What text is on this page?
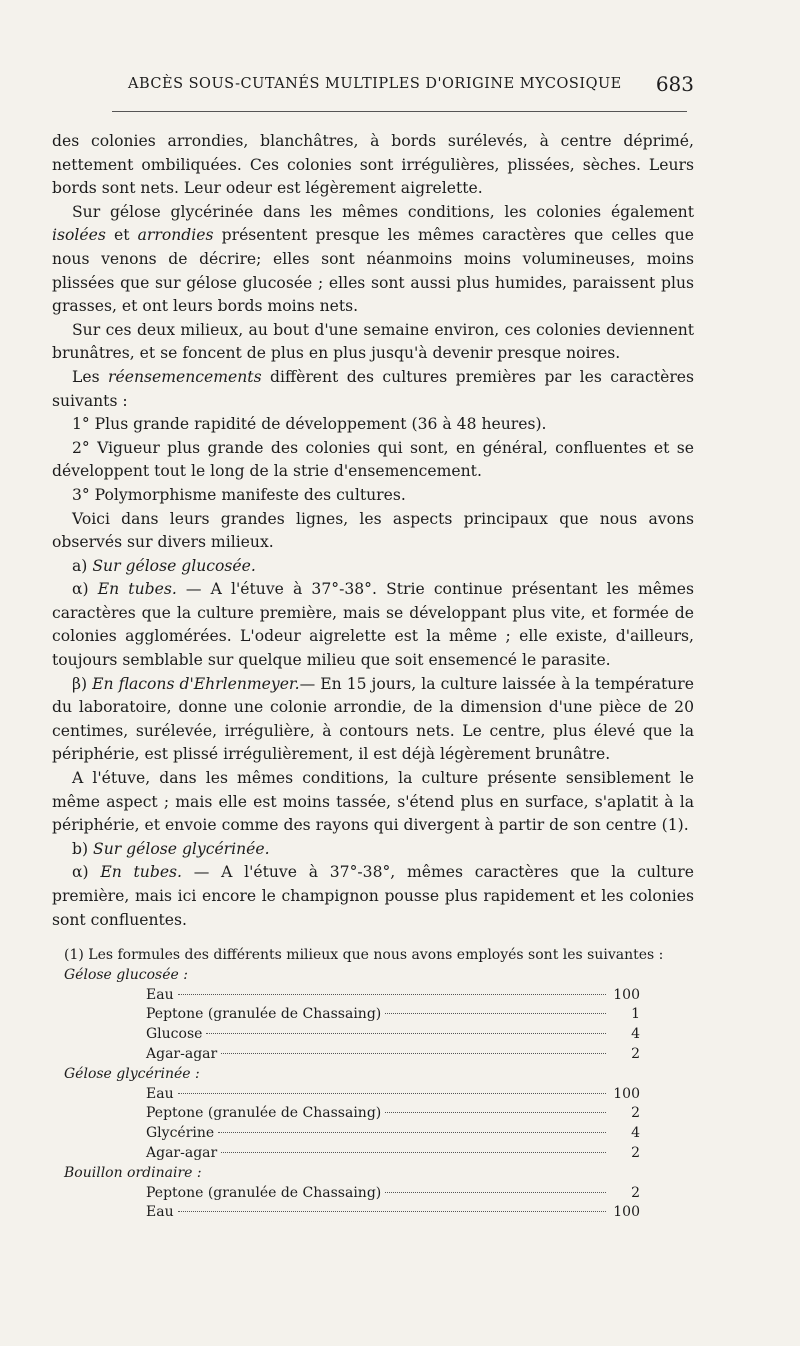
ABCÈS SOUS-CUTANÉS MULTIPLES D'ORIGINE MYCOSIQUE 683

des colonies arrondies, blanchâtres, à bords surélevés, à centre déprimé, nettement ombiliquées. Ces colonies sont irrégulières, plissées, sèches. Leurs bords sont nets. Leur odeur est légèrement aigrelette.

Sur gélose glycérinée dans les mêmes conditions, les colonies également isolées et arrondies présentent presque les mêmes caractères que celles que nous venons de décrire; elles sont néanmoins moins volumineuses, moins plissées que sur gélose glucosée ; elles sont aussi plus humides, paraissent plus grasses, et ont leurs bords moins nets.

Sur ces deux milieux, au bout d'une semaine environ, ces colonies deviennent brunâtres, et se foncent de plus en plus jusqu'à devenir presque noires.

Les réensemencements diffèrent des cultures premières par les caractères suivants :

1° Plus grande rapidité de développement (36 à 48 heures).

2° Vigueur plus grande des colonies qui sont, en général, confluentes et se développent tout le long de la strie d'ensemencement.

3° Polymorphisme manifeste des cultures.

Voici dans leurs grandes lignes, les aspects principaux que nous avons observés sur divers milieux.

a) Sur gélose glucosée.

α) En tubes. — A l'étuve à 37°-38°. Strie continue présentant les mêmes caractères que la culture première, mais se développant plus vite, et formée de colonies agglomérées. L'odeur aigrelette est la même ; elle existe, d'ailleurs, toujours semblable sur quelque milieu que soit ensemencé le parasite.

β) En flacons d'Ehrlenmeyer.— En 15 jours, la culture laissée à la température du laboratoire, donne une colonie arrondie, de la dimension d'une pièce de 20 centimes, surélevée, irrégulière, à contours nets. Le centre, plus élevé que la périphérie, est plissé irrégulièrement, il est déjà légèrement brunâtre.

A l'étuve, dans les mêmes conditions, la culture présente sensiblement le même aspect ; mais elle est moins tassée, s'étend plus en surface, s'aplatit à la périphérie, et envoie comme des rayons qui divergent à partir de son centre (1).

b) Sur gélose glycérinée.

α) En tubes. — A l'étuve à 37°-38°, mêmes caractères que la culture première, mais ici encore le champignon pousse plus rapidement et les colonies sont confluentes.

(1) Les formules des différents milieux que nous avons employés sont les suivantes :

Gélose glucosée :
Eau	100
Peptone (granulée de Chassaing)	1
Glucose	4
Agar-agar	2
Gélose glycérinée :
Eau	100
Peptone (granulée de Chassaing)	2
Glycérine	4
Agar-agar	2
Bouillon ordinaire :
Peptone (granulée de Chassaing)	2
Eau	100
